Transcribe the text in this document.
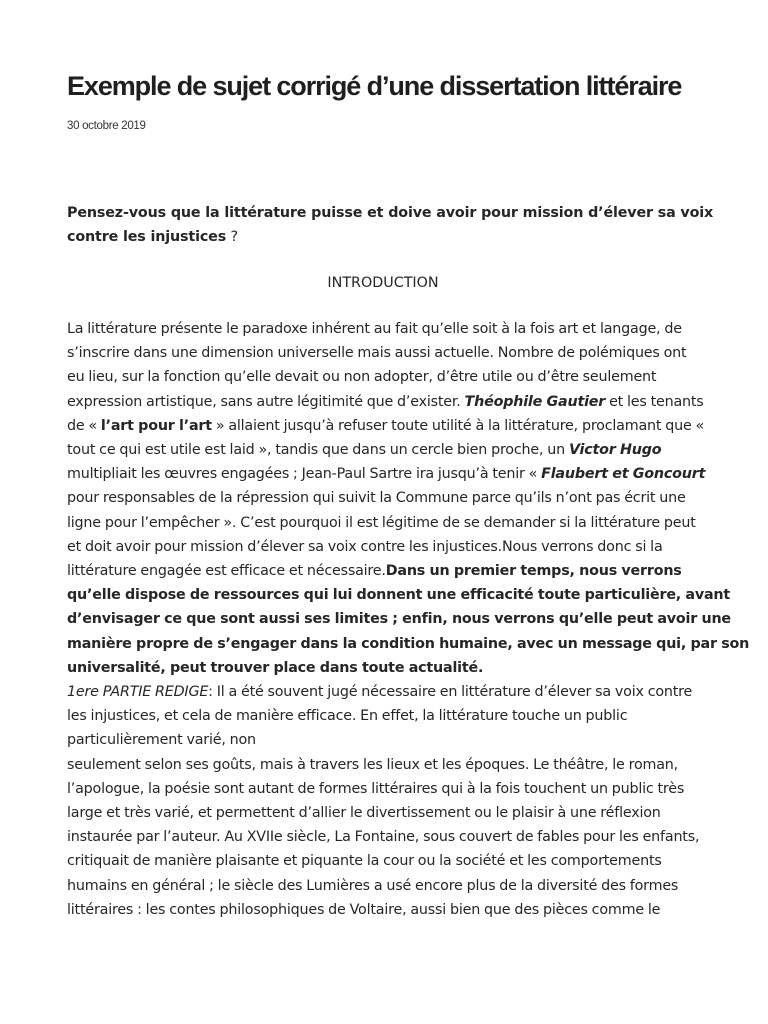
Exemple de sujet corrigé d’une dissertation littéraire
30 octobre 2019

Pensez-vous que la littérature puisse et doive avoir pour mission d’élever sa voix
contre les injustices ?

INTRODUCTION

La littérature présente le paradoxe inhérent au fait qu’elle soit à la fois art et langage, de
s’inscrire dans une dimension universelle mais aussi actuelle. Nombre de polémiques ont
eu lieu, sur la fonction qu’elle devait ou non adopter, d’être utile ou d’être seulement
expression artistique, sans autre légitimité que d’exister. Théophile Gautier et les tenants
de « l’art pour l’art » allaient jusqu’à refuser toute utilité à la littérature, proclamant que «
tout ce qui est utile est laid », tandis que dans un cercle bien proche, un Victor Hugo
multipliait les œuvres engagées ; Jean-Paul Sartre ira jusqu’à tenir « Flaubert et Goncourt
pour responsables de la répression qui suivit la Commune parce qu’ils n’ont pas écrit une
ligne pour l’empêcher ». C’est pourquoi il est légitime de se demander si la littérature peut
et doit avoir pour mission d’élever sa voix contre les injustices.Nous verrons donc si la
littérature engagée est efficace et nécessaire.Dans un premier temps, nous verrons
qu’elle dispose de ressources qui lui donnent une efficacité toute particulière, avant
d’envisager ce que sont aussi ses limites ; enfin, nous verrons qu’elle peut avoir une
manière propre de s’engager dans la condition humaine, avec un message qui, par son
universalité, peut trouver place dans toute actualité.
1ere PARTIE REDIGE: Il a été souvent jugé nécessaire en littérature d’élever sa voix contre
les injustices, et cela de manière efficace. En effet, la littérature touche un public
particulièrement varié, non
seulement selon ses goûts, mais à travers les lieux et les époques. Le théâtre, le roman,
l’apologue, la poésie sont autant de formes littéraires qui à la fois touchent un public très
large et très varié, et permettent d’allier le divertissement ou le plaisir à une réflexion
instaurée par l’auteur. Au XVIIe siècle, La Fontaine, sous couvert de fables pour les enfants,
critiquait de manière plaisante et piquante la cour ou la société et les comportements
humains en général ; le siècle des Lumières a usé encore plus de la diversité des formes
littéraires : les contes philosophiques de Voltaire, aussi bien que des pièces comme le
